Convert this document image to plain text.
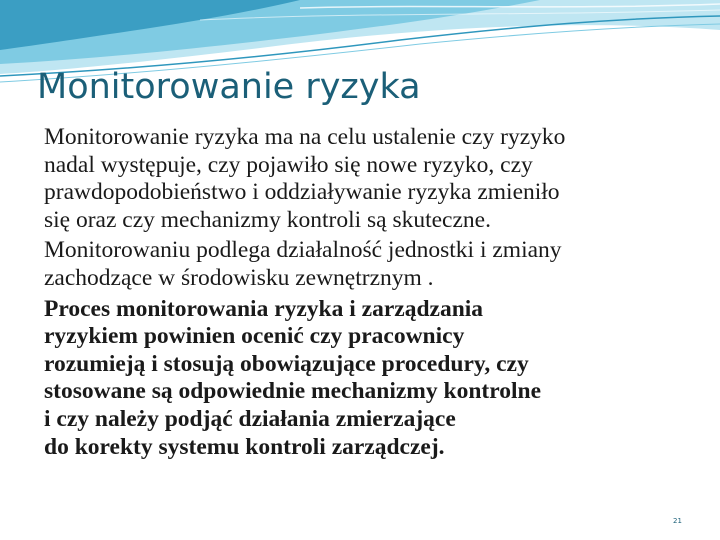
Monitorowanie ryzyka

Monitorowanie ryzyka ma na celu ustalenie czy ryzyko
nadal występuje, czy pojawiło się nowe ryzyko, czy
prawdopodobieństwo i oddziaływanie ryzyka zmieniło
się oraz czy mechanizmy kontroli są skuteczne.

Monitorowaniu podlega działalność jednostki i zmiany
zachodzące w środowisku zewnętrznym .

Proces monitorowania ryzyka i zarządzania
ryzykiem powinien ocenić czy pracownicy
rozumieją i stosują obowiązujące procedury, czy
stosowane są odpowiednie mechanizmy kontrolne
i czy należy podjąć działania zmierzające
do korekty systemu kontroli zarządczej.

21
